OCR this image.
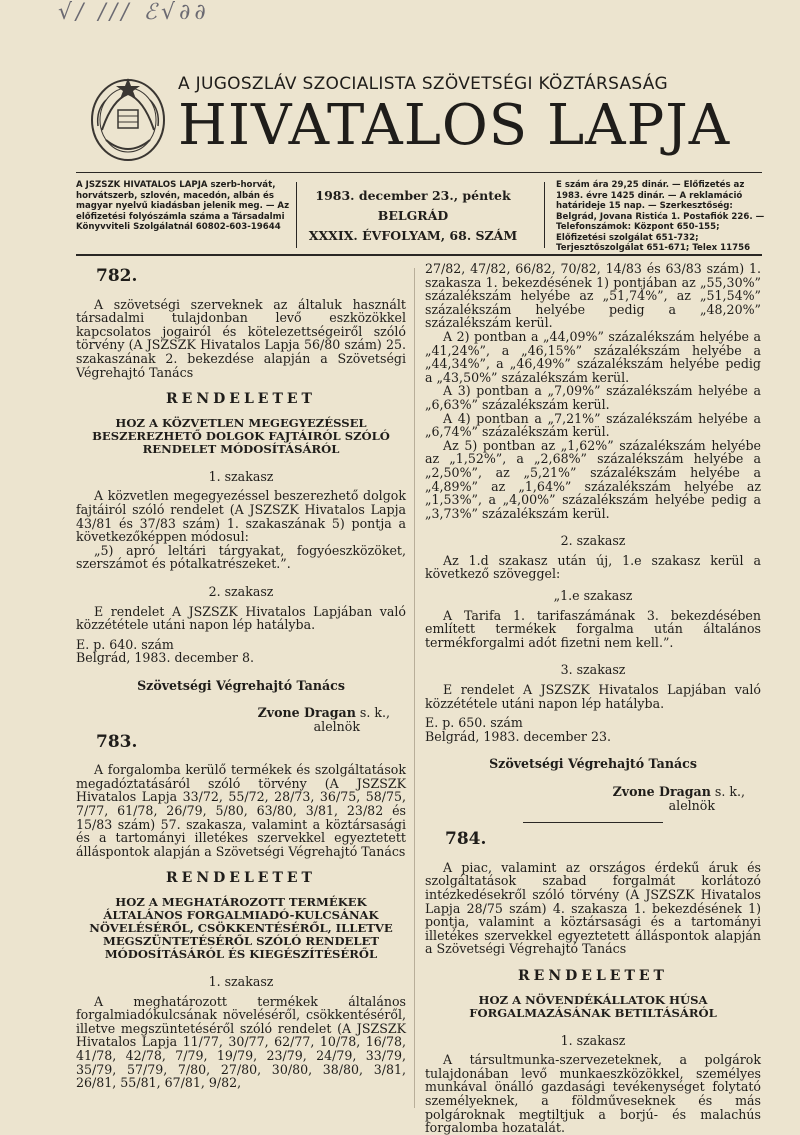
√/ /// ℰ√∂∂
A JUGOSZLÁV SZOCIALISTA SZÖVETSÉGI KÖZTÁRSASÁG
HIVATALOS LAPJA
A JSZSZK HIVATALOS LAPJA szerb-horvát, horvátszerb, szlovén, macedón, albán és magyar nyelvű kiadásban jelenik meg. — Az előfizetési folyószámla száma a Társadalmi Könyvviteli Szolgálatnál 60802-603-19644
1983. december 23., péntek
BELGRÁD
XXXIX. ÉVFOLYAM, 68. SZÁM
E szám ára 29,25 dinár. — Előfizetés az 1983. évre 1425 dinár. — A reklamáció határideje 15 nap. — Szerkesztőség: Belgrád, Jovana Ristića 1. Postafiók 226. — Telefonszámok: Központ 650-155; Előfizetési szolgálat 651-732; Terjesztőszolgálat 651-671; Telex 11756
782.

A szövetségi szerveknek az általuk használt társadalmi tulajdonban levő eszközökkel kapcsolatos jogairól és kötelezettségeiről szóló törvény (A JSZSZK Hivatalos Lapja 56/80 szám) 25. szakaszának 2. bekezdése alapján a Szövetségi Végrehajtó Tanács

RENDELETET
HOZ A KÖZVETLEN MEGEGYEZÉSSEL BESZEREZHETŐ DOLGOK FAJTÁIRÓL SZÓLÓ RENDELET MÓDOSÍTÁSÁRÓL
1. szakasz

A közvetlen megegyezéssel beszerezhető dolgok fajtáiról szóló rendelet (A JSZSZK Hivatalos Lapja 43/81 és 37/83 szám) 1. szakaszának 5) pontja a következőképpen módosul:

„5) apró leltári tárgyakat, fogyóeszközöket, szerszámot és pótalkatrészeket.”.

2. szakasz

E rendelet A JSZSZK Hivatalos Lapjában való közzététele utáni napon lép hatályba.

E. p. 640. szám

Belgrád, 1983. december 8.

Szövetségi Végrehajtó Tanács
Zvone Dragan s. k.,
alelnök
783.

A forgalomba kerülő termékek és szolgáltatások megadóztatásáról szóló törvény (A JSZSZK Hivatalos Lapja 33/72, 55/72, 28/73, 36/75, 58/75, 7/77, 61/78, 26/79, 5/80, 63/80, 3/81, 23/82 és 15/83 szám) 57. szakasza, valamint a köztársasági és a tartományi illetékes szervekkel egyeztetett álláspontok alapján a Szövetségi Végrehajtó Tanács

RENDELETET
HOZ A MEGHATÁROZOTT TERMÉKEK ÁLTALÁNOS FORGALMIADÓ-KULCSÁNAK NÖVELÉSÉRŐL, CSÖKKENTÉSÉRŐL, ILLETVE MEGSZÜNTETÉSÉRŐL SZÓLÓ RENDELET MÓDOSÍTÁSÁRÓL ÉS KIEGÉSZÍTÉSÉRŐL
1. szakasz

A meghatározott termékek általános forgalmiadókulcsának növeléséről, csökkentéséről, illetve megszüntetéséről szóló rendelet (A JSZSZK Hivatalos Lapja 11/77, 30/77, 62/77, 10/78, 16/78, 41/78, 42/78, 7/79, 19/79, 23/79, 24/79, 33/79, 35/79, 57/79, 7/80, 27/80, 30/80, 38/80, 3/81, 26/81, 55/81, 67/81, 9/82,

27/82, 47/82, 66/82, 70/82, 14/83 és 63/83 szám) 1. szakasza 1. bekezdésének 1) pontjában az „55,30%” százalékszám helyébe az „51,74%”, az „51,54%” százalékszám helyébe pedig a „48,20%” százalékszám kerül.

A 2) pontban a „44,09%” százalékszám helyébe a „41,24%”, a „46,15%” százalékszám helyébe a „44,34%”, a „46,49%” százalékszám helyébe pedig a „43,50%” százalékszám kerül.

A 3) pontban a „7,09%” százalékszám helyébe a „6,63%” százalékszám kerül.

A 4) pontban a „7,21%” százalékszám helyébe a „6,74%” százalékszám kerül.

Az 5) pontban az „1,62%” százalékszám helyébe az „1,52%”, a „2,68%” százalékszám helyébe a „2,50%”, az „5,21%” százalékszám helyébe a „4,89%” az „1,64%” százalékszám helyébe az „1,53%”, a „4,00%” százalékszám helyébe pedig a „3,73%” százalékszám kerül.

2. szakasz

Az 1.d szakasz után új, 1.e szakasz kerül a következő szöveggel:

„1.e szakasz

A Tarifa 1. tarifaszámának 3. bekezdésében említett termékek forgalma után általános termékforgalmi adót fizetni nem kell.”.

3. szakasz

E rendelet A JSZSZK Hivatalos Lapjában való közzététele utáni napon lép hatályba.

E. p. 650. szám

Belgrád, 1983. december 23.

Szövetségi Végrehajtó Tanács
Zvone Dragan s. k.,
alelnök
784.

A piac, valamint az országos érdekű áruk és szolgáltatások szabad forgalmát korlátozó intézkedésekről szóló törvény (A JSZSZK Hivatalos Lapja 28/75 szám) 4. szakasza 1. bekezdésének 1) pontja, valamint a köztársasági és a tartományi illetékes szervekkel egyeztetett álláspontok alapján a Szövetségi Végrehajtó Tanács

RENDELETET
HOZ A NÖVENDÉKÁLLATOK HÚSA FORGALMAZÁSÁNAK BETILTÁSÁRÓL
1. szakasz

A társultmunka-szervezeteknek, a polgárok tulajdonában levő munkaeszközökkel, személyes munkával önálló gazdasági tevékenységet folytató személyeknek, a földműveseknek és más polgároknak megtiltjuk a borjú- és malachús forgalomba hozatalát.
